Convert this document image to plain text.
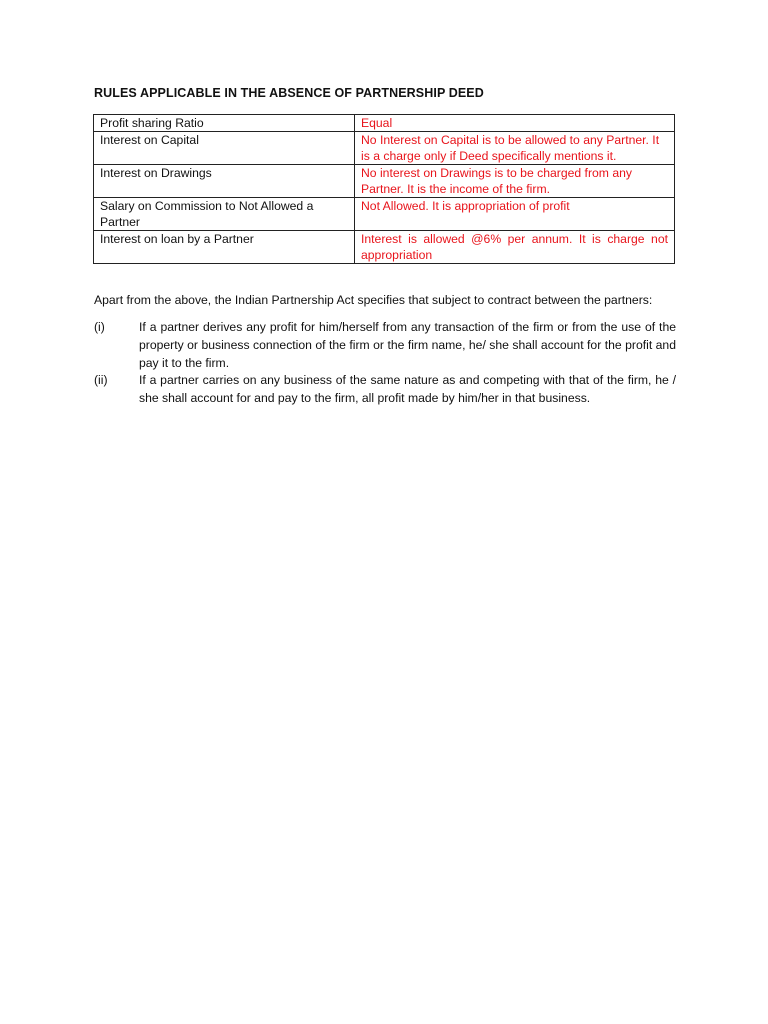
RULES APPLICABLE IN THE ABSENCE OF PARTNERSHIP DEED
Profit sharing Ratio	Equal
Interest on Capital	No Interest on Capital is to be allowed to any Partner. It is a charge only if Deed specifically mentions it.
Interest on Drawings	No interest on Drawings is to be charged from any Partner. It is the income of the firm.
Salary on Commission to Not Allowed a Partner	Not Allowed. It is appropriation of profit
Interest on loan by a Partner	Interest is allowed @6% per annum. It is charge not appropriation
Apart from the above, the Indian Partnership Act specifies that subject to contract between the partners:
(i)	If a partner derives any profit for him/herself from any transaction of the firm or from the use of the property or business connection of the firm or the firm name, he/ she shall account for the profit and pay it to the firm.
(ii)	If a partner carries on any business of the same nature as and competing with that of the firm, he / she shall account for and pay to the firm, all profit made by him/her in that business.
